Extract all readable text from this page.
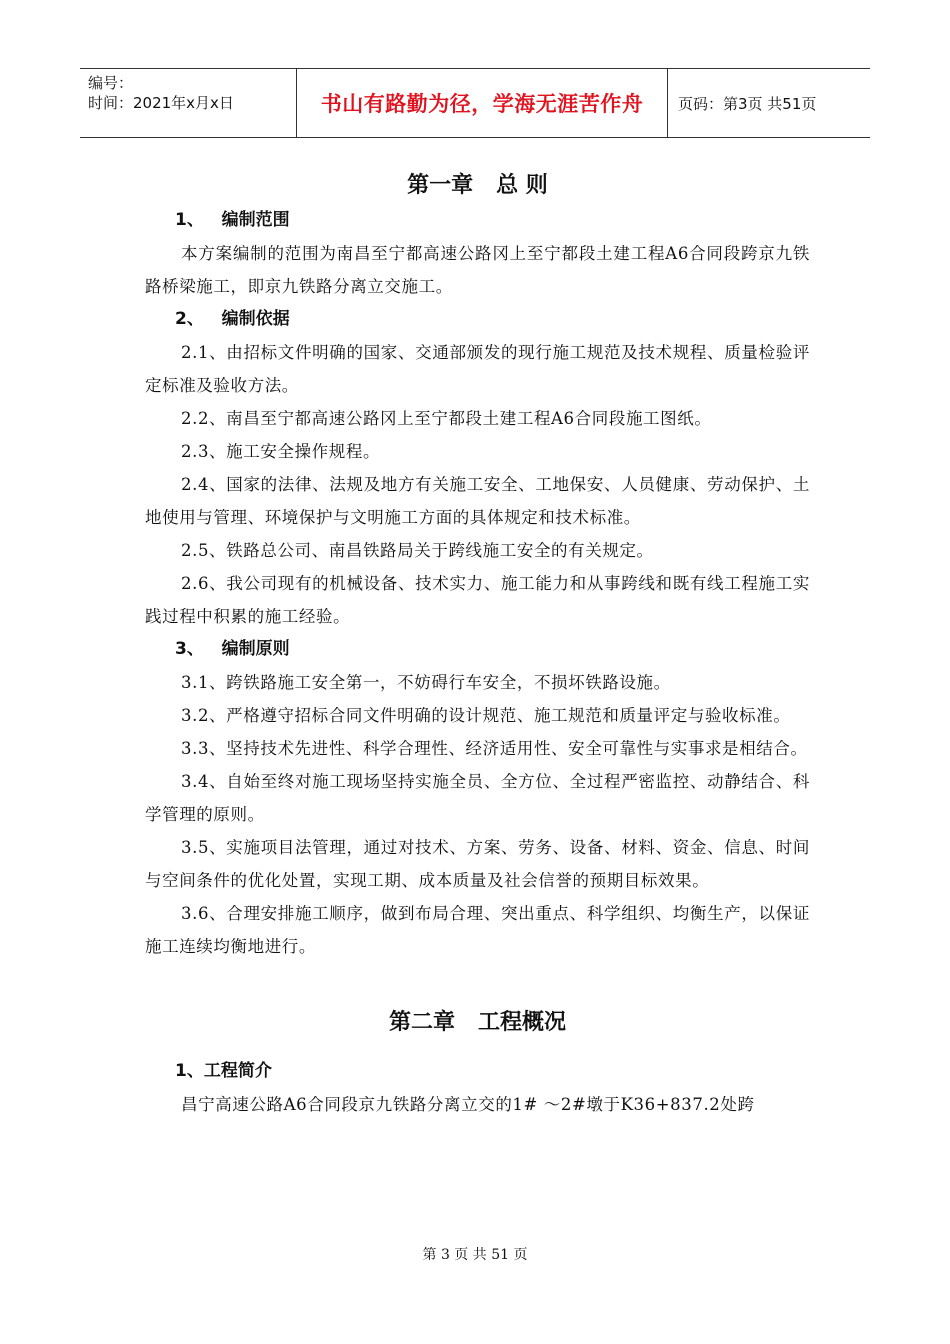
编号：
时间：2021年x月x日	书山有路勤为径，学海无涯苦作舟	页码：第3页 共51页
第一章   总 则
1、   编制范围

本方案编制的范围为南昌至宁都高速公路冈上至宁都段土建工程A6合同段跨京九铁路桥梁施工，即京九铁路分离立交施工。

2、   编制依据

2.1、由招标文件明确的国家、交通部颁发的现行施工规范及技术规程、质量检验评定标准及验收方法。

2.2、南昌至宁都高速公路冈上至宁都段土建工程A6合同段施工图纸。

2.3、施工安全操作规程。

2.4、国家的法律、法规及地方有关施工安全、工地保安、人员健康、劳动保护、土地使用与管理、环境保护与文明施工方面的具体规定和技术标准。

2.5、铁路总公司、南昌铁路局关于跨线施工安全的有关规定。

2.6、我公司现有的机械设备、技术实力、施工能力和从事跨线和既有线工程施工实践过程中积累的施工经验。

3、   编制原则

3.1、跨铁路施工安全第一，不妨碍行车安全，不损坏铁路设施。

3.2、严格遵守招标合同文件明确的设计规范、施工规范和质量评定与验收标准。

3.3、坚持技术先进性、科学合理性、经济适用性、安全可靠性与实事求是相结合。

3.4、自始至终对施工现场坚持实施全员、全方位、全过程严密监控、动静结合、科学管理的原则。

3.5、实施项目法管理，通过对技术、方案、劳务、设备、材料、资金、信息、时间与空间条件的优化处置，实现工期、成本质量及社会信誉的预期目标效果。

3.6、合理安排施工顺序，做到布局合理、突出重点、科学组织、均衡生产，以保证施工连续均衡地进行。

第二章   工程概况
1、工程简介

昌宁高速公路A6合同段京九铁路分离立交的1# ～2#墩于K36+837.2处跨

第 3 页 共 51 页
